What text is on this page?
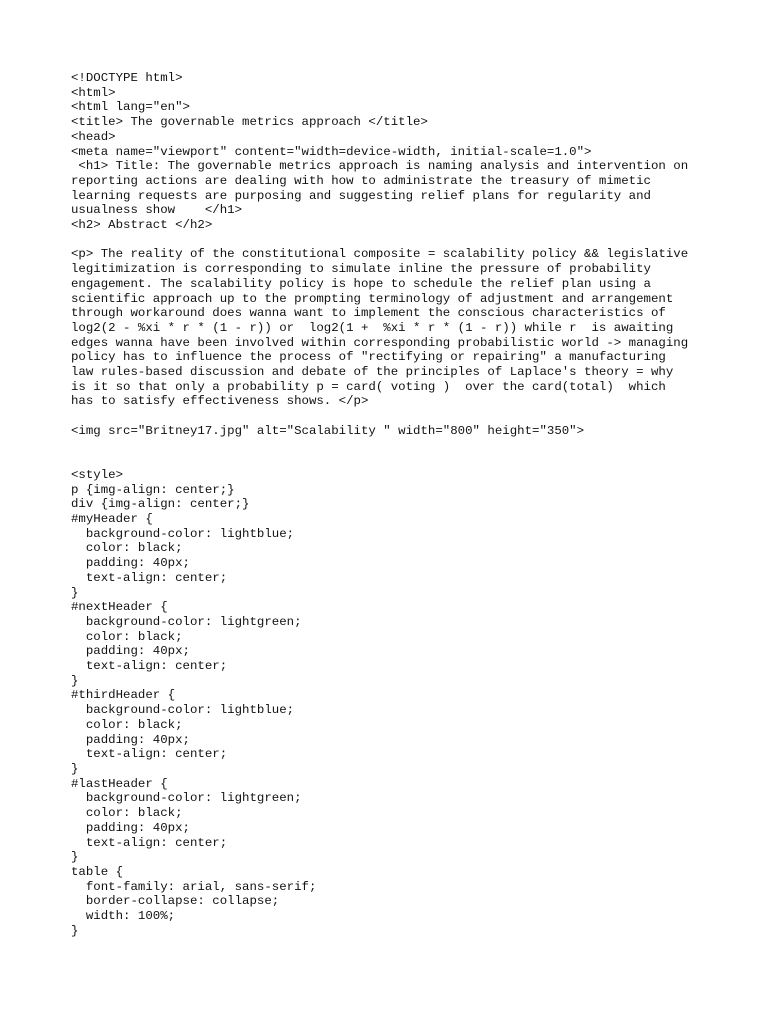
<!DOCTYPE html>
<html>
<html lang="en">
<title> The governable metrics approach </title>
<head>
<meta name="viewport" content="width=device-width, initial-scale=1.0">
<h1> Title: The governable metrics approach is naming analysis and intervention on
reporting actions are dealing with how to administrate the treasury of mimetic
learning requests are purposing and suggesting relief plans for regularity and
usualness show    </h1>
<h2> Abstract </h2>
<p> The reality of the constitutional composite = scalability policy && legislative
legitimization is corresponding to simulate inline the pressure of probability
engagement. The scalability policy is hope to schedule the relief plan using a
scientific approach up to the prompting terminology of adjustment and arrangement
through workaround does wanna want to implement the conscious characteristics of
log2(2 - %xi * r * (1 - r)) or  log2(1 +  %xi * r * (1 - r)) while r  is awaiting
edges wanna have been involved within corresponding probabilistic world -> managing
policy has to influence the process of "rectifying or repairing" a manufacturing
law rules-based discussion and debate of the principles of Laplace's theory = why
is it so that only a probability p = card( voting )  over the card(total)  which
has to satisfy effectiveness shows. </p>
<img src="Britney17.jpg" alt="Scalability " width="800" height="350">
<style>
p {img-align: center;}
div {img-align: center;}
#myHeader {
background-color: lightblue;
color: black;
padding: 40px;
text-align: center;
}
#nextHeader {
background-color: lightgreen;
color: black;
padding: 40px;
text-align: center;
}
#thirdHeader {
background-color: lightblue;
color: black;
padding: 40px;
text-align: center;
}
#lastHeader {
background-color: lightgreen;
color: black;
padding: 40px;
text-align: center;
}
table {
font-family: arial, sans-serif;
border-collapse: collapse;
width: 100%;
}
